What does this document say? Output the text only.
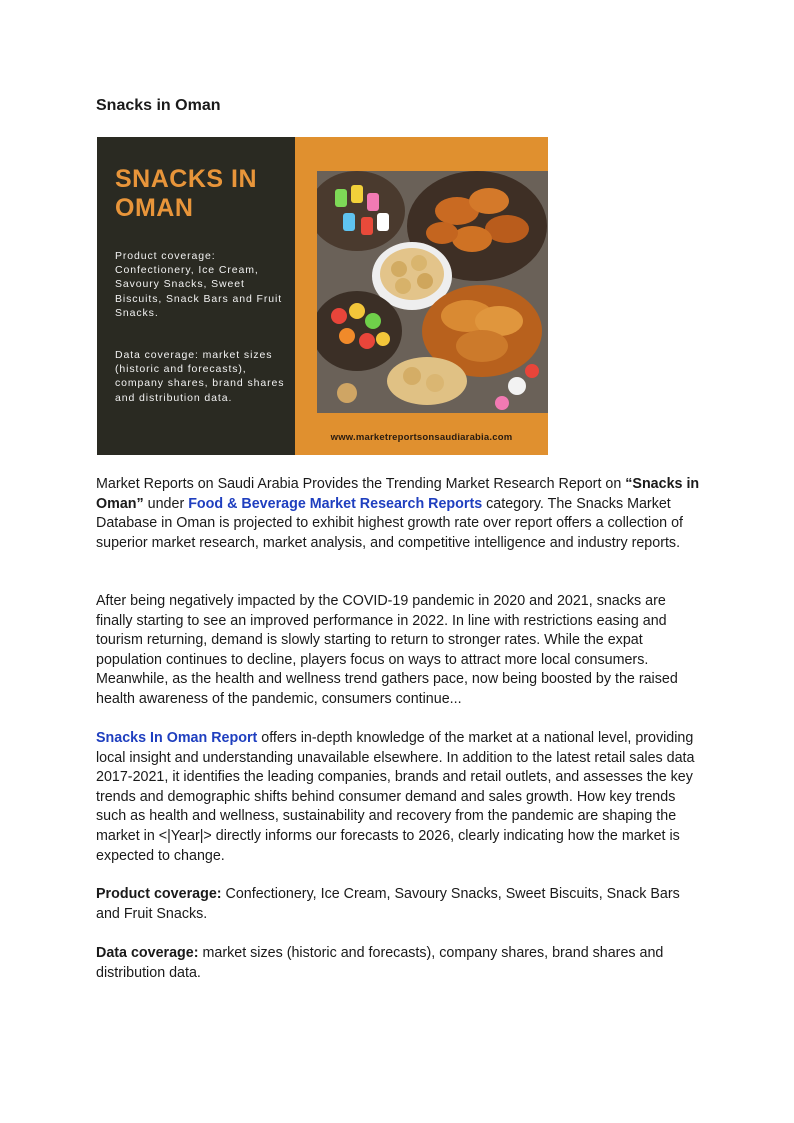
Snacks in Oman
SNACKS IN OMAN
Product coverage: Confectionery, Ice Cream, Savoury Snacks, Sweet Biscuits, Snack Bars and Fruit Snacks.
Data coverage: market sizes (historic and forecasts), company shares, brand shares and distribution data.
www.marketreportsonsaudiarabia.com

Market Reports on Saudi Arabia Provides the Trending Market Research Report on “Snacks in Oman” under Food & Beverage Market Research Reports category. The Snacks Market Database in Oman is projected to exhibit highest growth rate over report offers a collection of superior market research, market analysis, and competitive intelligence and industry reports.

After being negatively impacted by the COVID-19 pandemic in 2020 and 2021, snacks are finally starting to see an improved performance in 2022. In line with restrictions easing and tourism returning, demand is slowly starting to return to stronger rates. While the expat population continues to decline, players focus on ways to attract more local consumers. Meanwhile, as the health and wellness trend gathers pace, now being boosted by the raised health awareness of the pandemic, consumers continue...

Snacks In Oman Report offers in-depth knowledge of the market at a national level, providing local insight and understanding unavailable elsewhere. In addition to the latest retail sales data 2017-2021, it identifies the leading companies, brands and retail outlets, and assesses the key trends and demographic shifts behind consumer demand and sales growth. How key trends such as health and wellness, sustainability and recovery from the pandemic are shaping the market in <|Year|> directly informs our forecasts to 2026, clearly indicating how the market is expected to change.

Product coverage: Confectionery, Ice Cream, Savoury Snacks, Sweet Biscuits, Snack Bars and Fruit Snacks.

Data coverage: market sizes (historic and forecasts), company shares, brand shares and distribution data.
